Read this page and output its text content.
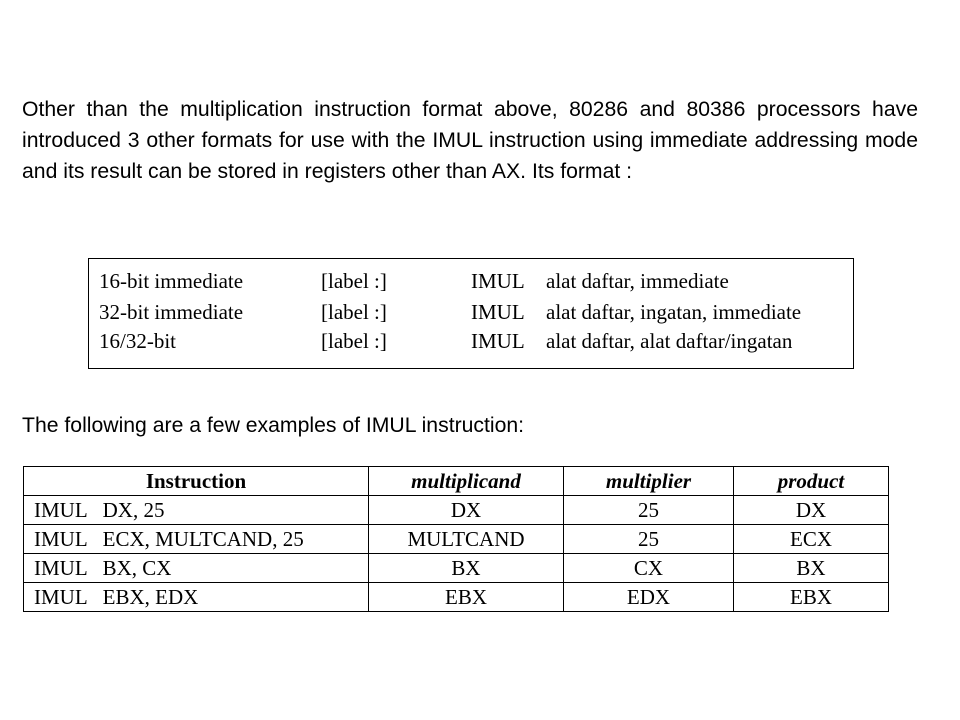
Other than the multiplication instruction format above, 80286 and 80386 processors have introduced 3 other formats for use with the IMUL instruction using immediate addressing mode and its result can be stored in registers other than AX. Its format :

16-bit immediate	[label :]	IMUL alat daftar, immediate
32-bit immediate	[label :]	IMUL alat daftar, ingatan, immediate
16/32-bit	[label :]	IMUL alat daftar, alat daftar/ingatan

The following are a few examples of IMUL instruction:

Instruction	multiplicand	multiplier	product
IMUL   DX, 25	DX	25	DX
IMUL   ECX, MULTCAND, 25	MULTCAND	25	ECX
IMUL   BX, CX	BX	CX	BX
IMUL   EBX, EDX	EBX	EDX	EBX
